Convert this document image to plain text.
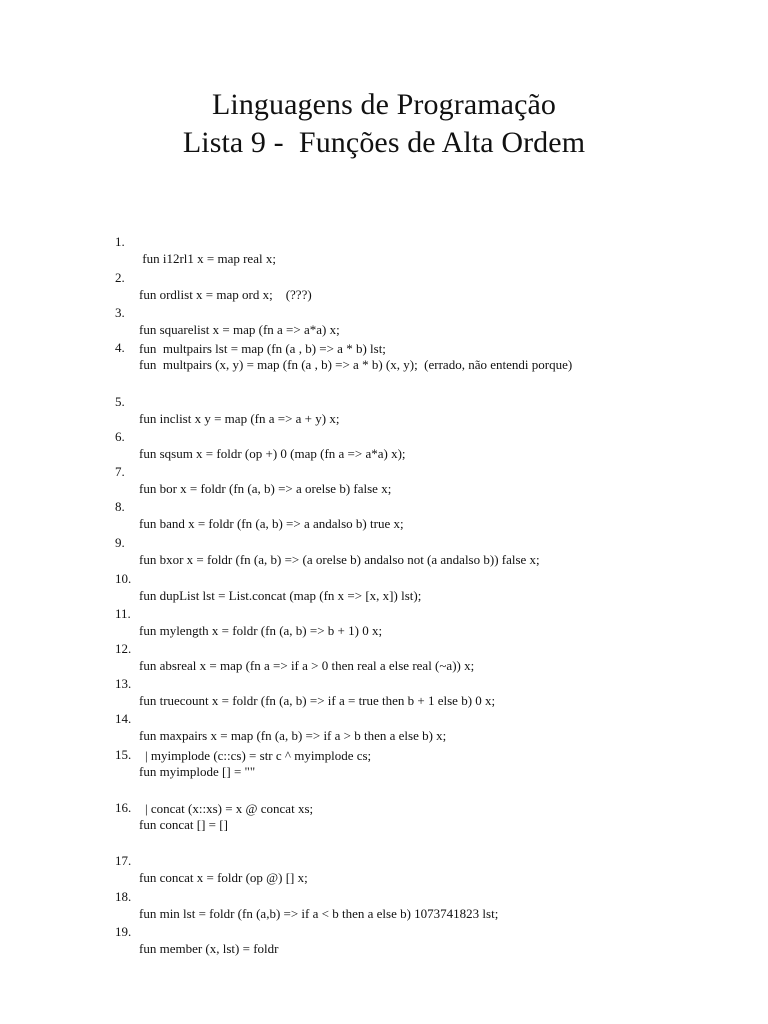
Linguagens de Programação
Lista 9 -  Funções de Alta Ordem

1.

fun i12rl1 x = map real x;

2.

fun ordlist x = map ord x;    (???)

3.

fun squarelist x = map (fn a => a*a) x;

4.

fun  multpairs (x, y) = map (fn (a , b) => a * b) (x, y);  (errado, não entendi porque)

fun  multpairs lst = map (fn (a , b) => a * b) lst;

5.

fun inclist x y = map (fn a => a + y) x;

6.

fun sqsum x = foldr (op +) 0 (map (fn a => a*a) x);

7.

fun bor x = foldr (fn (a, b) => a orelse b) false x;

8.

fun band x = foldr (fn (a, b) => a andalso b) true x;

9.

fun bxor x = foldr (fn (a, b) => (a orelse b) andalso not (a andalso b)) false x;

10.

fun dupList lst = List.concat (map (fn x => [x, x]) lst);

11.

fun mylength x = foldr (fn (a, b) => b + 1) 0 x;

12.

fun absreal x = map (fn a => if a > 0 then real a else real (~a)) x;

13.

fun truecount x = foldr (fn (a, b) => if a = true then b + 1 else b) 0 x;

14.

fun maxpairs x = map (fn (a, b) => if a > b then a else b) x;

15.

fun myimplode [] = ""

| myimplode (c::cs) = str c ^ myimplode cs;

16.

fun concat [] = []

| concat (x::xs) = x @ concat xs;

17.

fun concat x = foldr (op @) [] x;

18.

fun min lst = foldr (fn (a,b) => if a < b then a else b) 1073741823 lst;

19.

fun member (x, lst) = foldr
